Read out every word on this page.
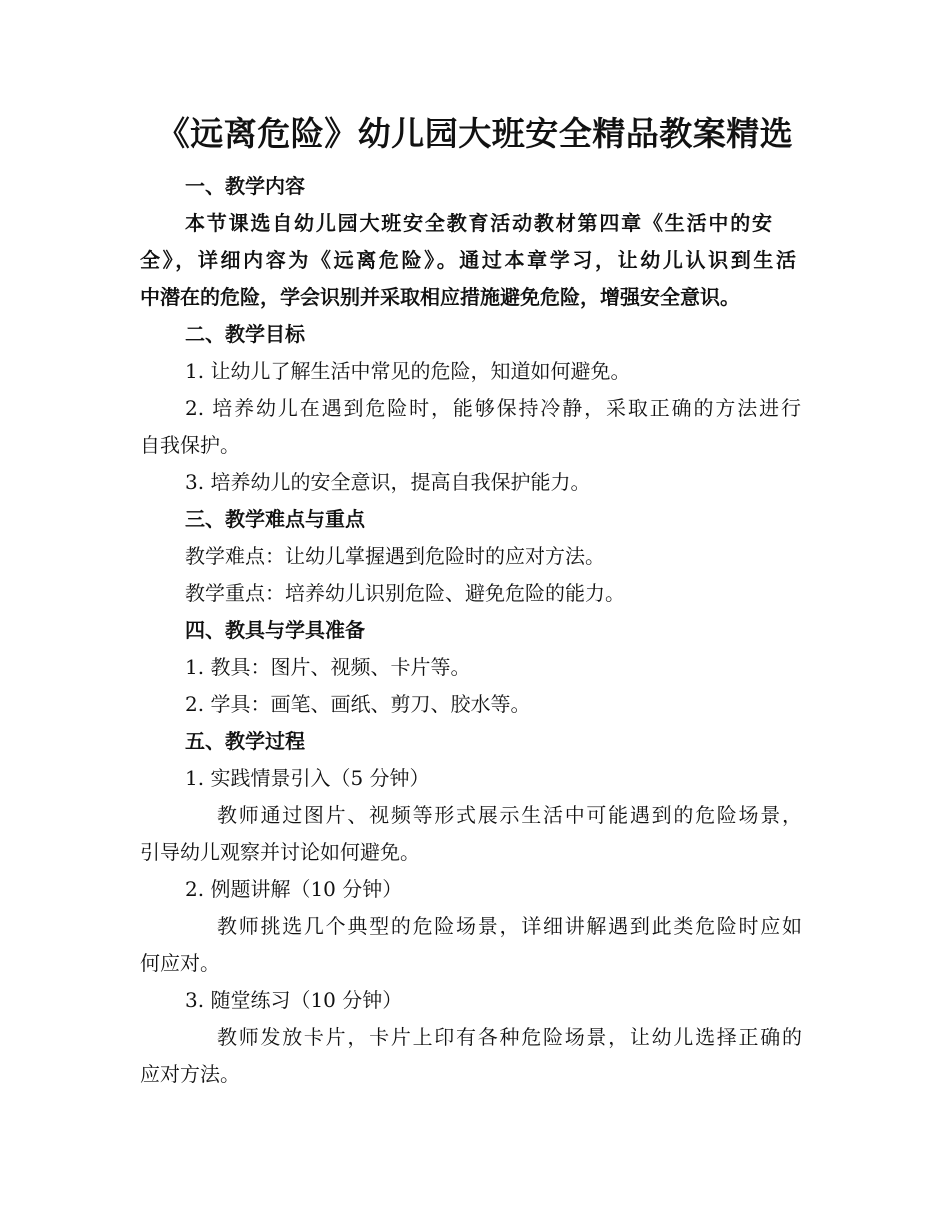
《远离危险》幼儿园大班安全精品教案精选
一、教学内容
本节课选自幼儿园大班安全教育活动教材第四章《生活中的安
全》，详细内容为《远离危险》。通过本章学习，让幼儿认识到生活
中潜在的危险，学会识别并采取相应措施避免危险，增强安全意识。
二、教学目标
1. 让幼儿了解生活中常见的危险，知道如何避免。
2. 培养幼儿在遇到危险时，能够保持冷静，采取正确的方法进行
自我保护。
3. 培养幼儿的安全意识，提高自我保护能力。
三、教学难点与重点
教学难点：让幼儿掌握遇到危险时的应对方法。
教学重点：培养幼儿识别危险、避免危险的能力。
四、教具与学具准备
1. 教具：图片、视频、卡片等。
2. 学具：画笔、画纸、剪刀、胶水等。
五、教学过程
1. 实践情景引入（5 分钟）
教师通过图片、视频等形式展示生活中可能遇到的危险场景，
引导幼儿观察并讨论如何避免。
2. 例题讲解（10 分钟）
教师挑选几个典型的危险场景，详细讲解遇到此类危险时应如
何应对。
3. 随堂练习（10 分钟）
教师发放卡片，卡片上印有各种危险场景，让幼儿选择正确的
应对方法。
